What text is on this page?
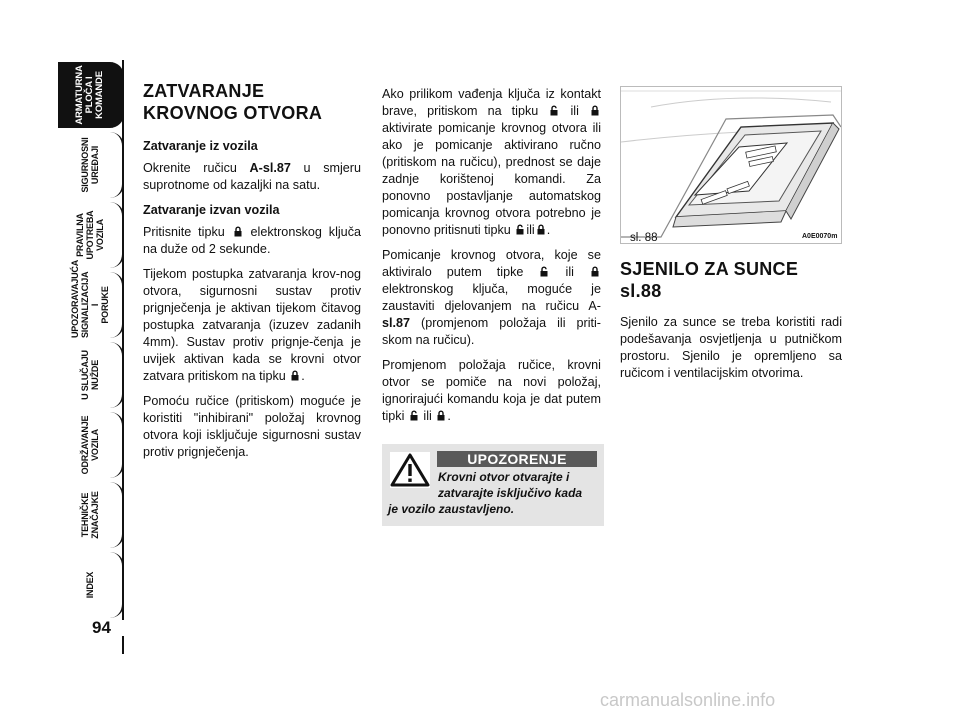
ARMATURNA
PLOČA I
KOMANDE
SIGURNOSNI
UREĐAJI
PRAVILNA
UPOTREBA
VOZILA
UPOZORAVAJUĆA
SIGNALIZACIJA I
PORUKE
U SLUČAJU
NUŽDE
ODRŽAVANJE
VOZILA
TEHNIČKE
ZNAČAJKE
INDEX
94
ZATVARANJE KROVNOG OTVORA
Zatvaranje iz vozila

Okrenite ručicu A-sl.87 u smjeru suprotnome od kazaljki na satu.

Zatvaranje izvan vozila

Pritisnite tipku  elektronskog ključa na duže od 2 sekunde.

Tijekom postupka zatvaranja krov-nog otvora, sigurnosni sustav protiv prignječenja je aktivan tijekom čitavog postupka zatvaranja (izuzev zadanih 4mm). Sustav protiv prignje-čenja je uvijek aktivan kada se krovni otvor zatvara pritiskom na tipku .

Pomoću ručice (pritiskom) moguće je koristiti "inhibirani" položaj krovnog otvora koji isključuje sigurnosni sustav protiv prignječenja.

Ako prilikom vađenja ključa iz kontakt brave, pritiskom na tipku  ili  aktivirate pomicanje krovnog otvora ili ako je pomicanje aktivirano ručno (pritiskom na ručicu), prednost se daje zadnje korištenoj komandi. Za ponovno postavljanje automatskog pomicanja krovnog otvora potrebno je ponovno pritisnuti tipku ili .

Pomicanje krovnog otvora, koje se aktiviralo putem tipke  ili  elektronskog ključa, moguće je zaustaviti djelovanjem na ručicu A-sl.87 (promjenom položaja ili priti-skom na ručicu).

Promjenom položaja ručice, krovni otvor se pomiče na novi položaj, ignorirajući komandu koja je dat putem tipki  ili .

UPOZORENJE
Krovni otvor otvarajte i
zatvarajte isključivo kada
je vozilo zaustavljeno.
sl. 88	A0E0070m
SJENILO ZA SUNCE
sl.88

Sjenilo za sunce se treba koristiti radi podešavanja osvjetljenja u putničkom prostoru. Sjenilo je opremljeno sa ručicom i ventilacijskim otvorima.

carmanualsonline.info
